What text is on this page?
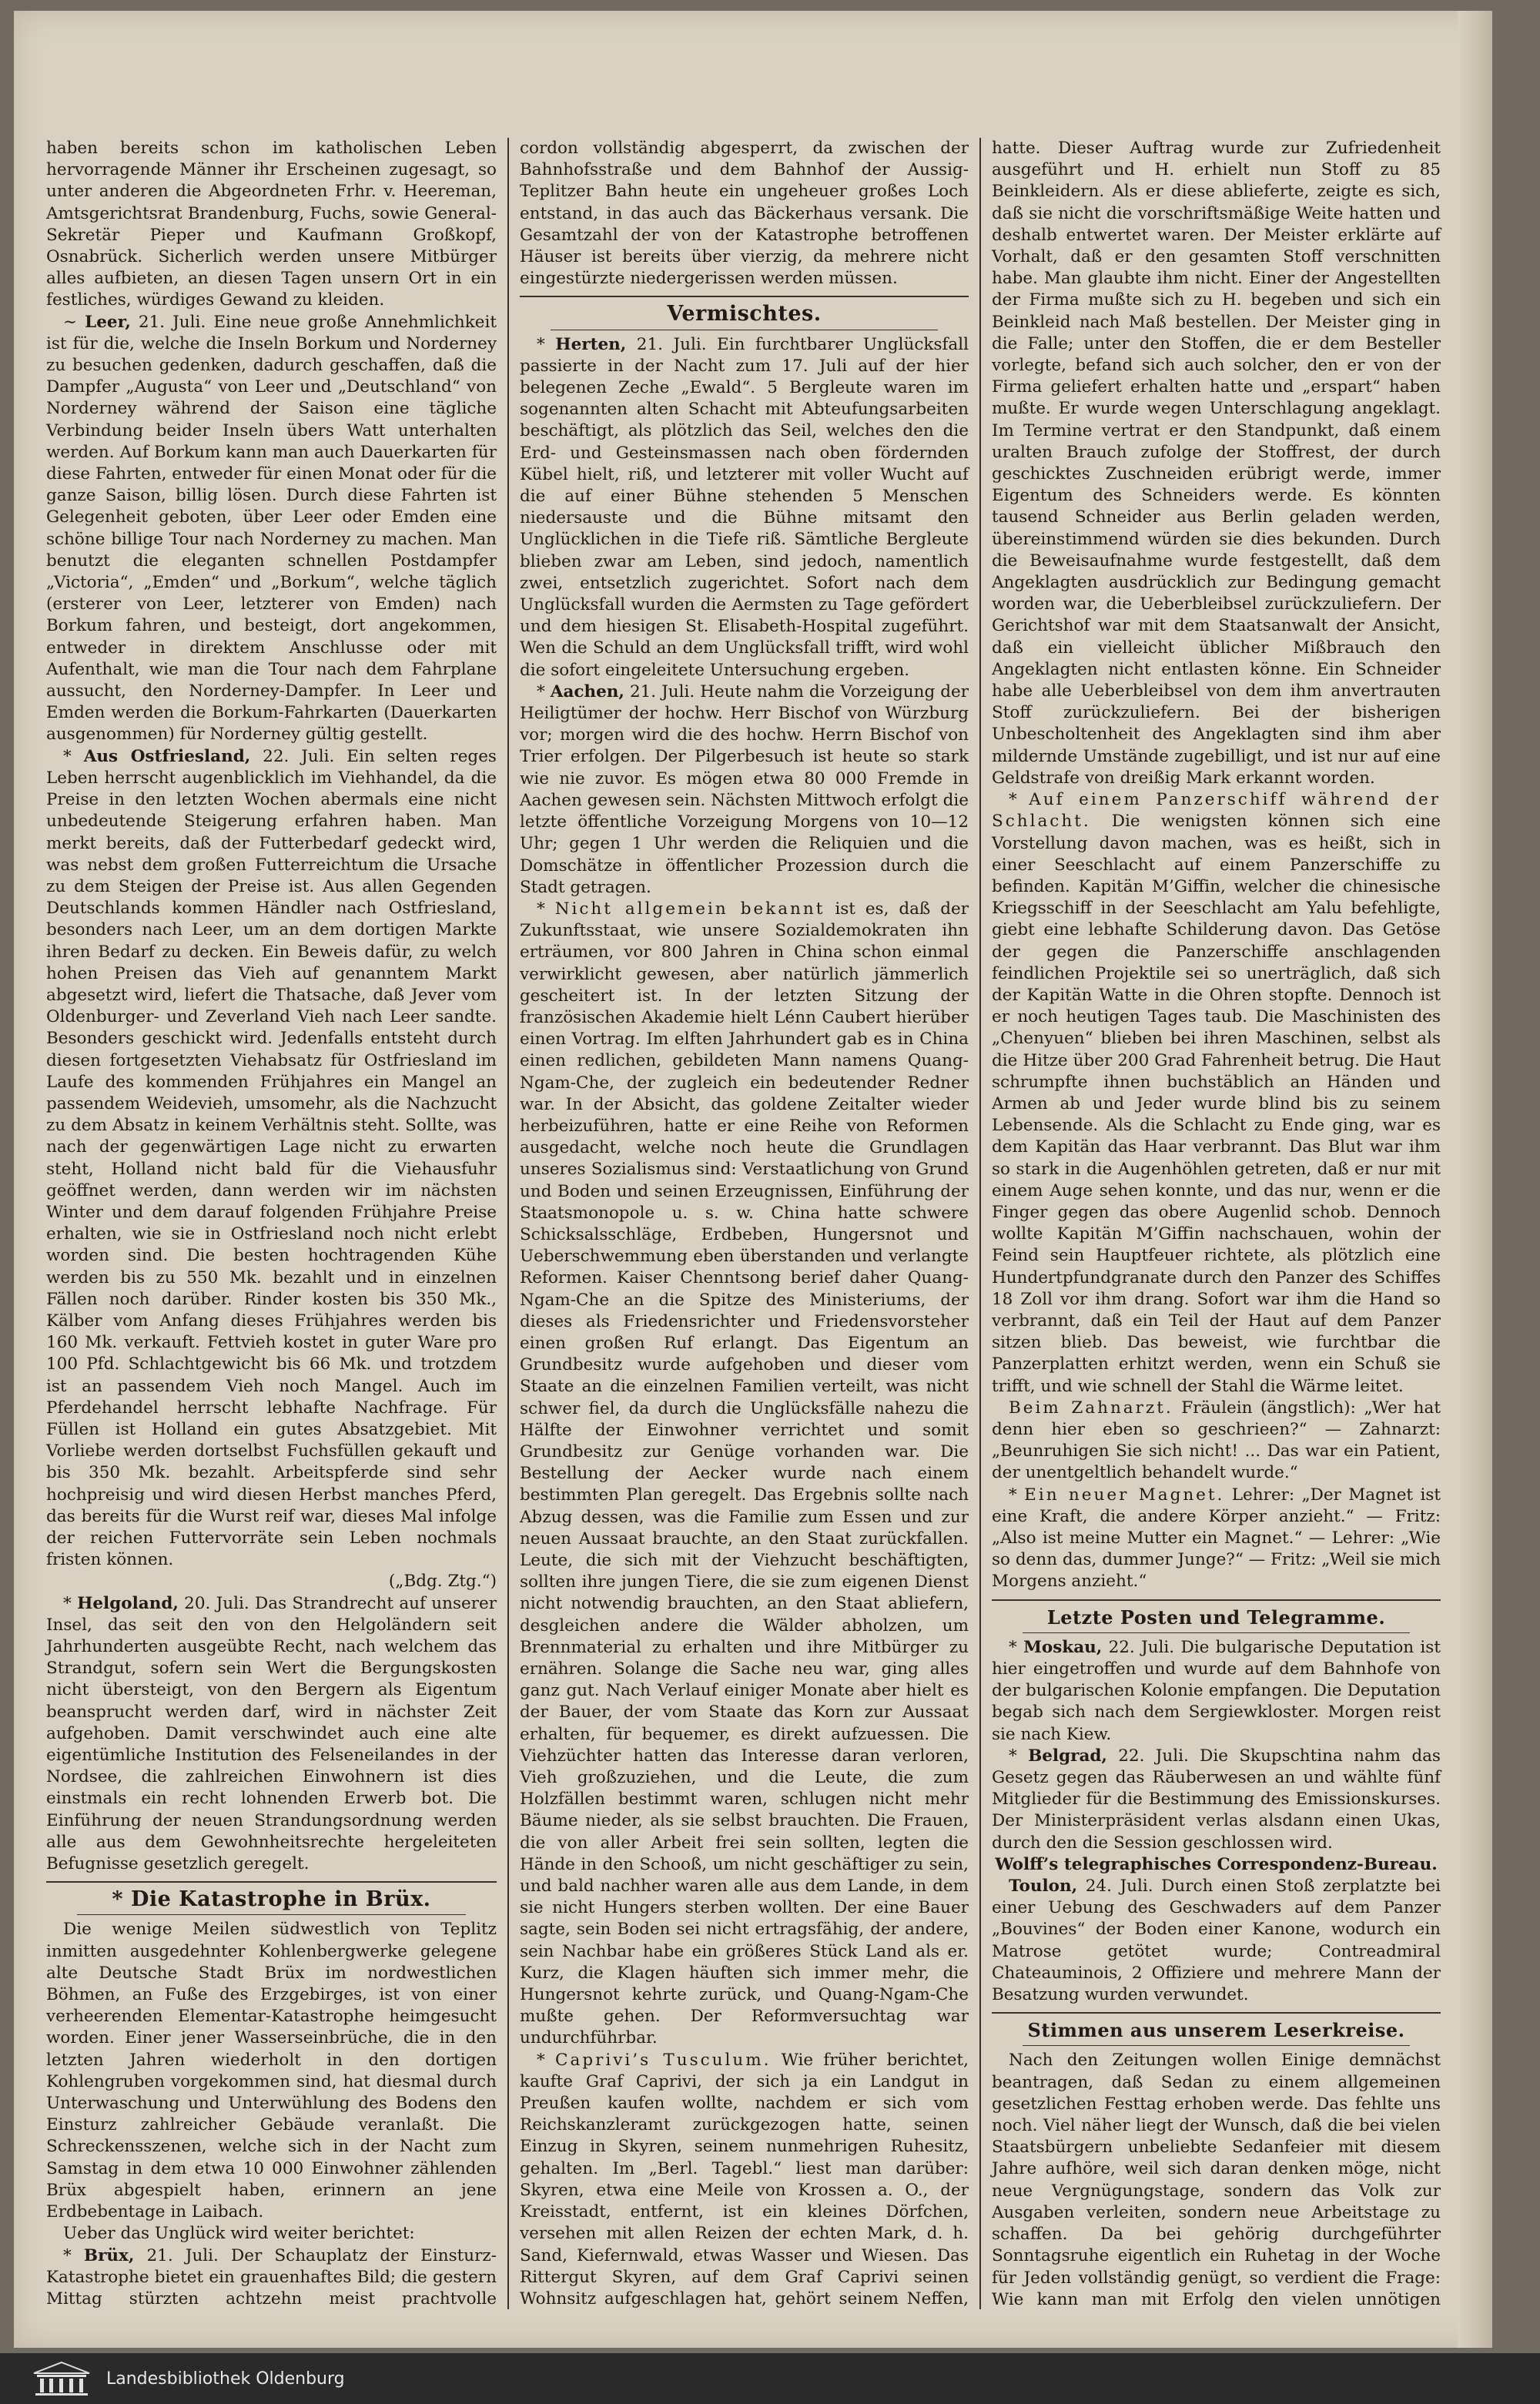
haben bereits schon im katholischen Leben hervorragende Männer ihr Erscheinen zugesagt, so unter anderen die Abgeordneten Frhr. v. Heereman, Amtsgerichtsrat Brandenburg, Fuchs, sowie General-Sekretär Pieper und Kaufmann Großkopf, Osnabrück. Sicherlich werden unsere Mitbürger alles aufbieten, an diesen Tagen unsern Ort in ein festliches, würdiges Gewand zu kleiden.

∼ Leer, 21. Juli. Eine neue große Annehmlichkeit ist für die, welche die Inseln Borkum und Norderney zu besuchen gedenken, dadurch geschaffen, daß die Dampfer „Augusta“ von Leer und „Deutschland“ von Norderney während der Saison eine tägliche Verbindung beider Inseln übers Watt unterhalten werden. Auf Borkum kann man auch Dauerkarten für diese Fahrten, entweder für einen Monat oder für die ganze Saison, billig lösen. Durch diese Fahrten ist Gelegenheit geboten, über Leer oder Emden eine schöne billige Tour nach Norderney zu machen. Man benutzt die eleganten schnellen Postdampfer „Victoria“, „Emden“ und „Borkum“, welche täglich (ersterer von Leer, letzterer von Emden) nach Borkum fahren, und besteigt, dort angekommen, entweder in direktem Anschlusse oder mit Aufenthalt, wie man die Tour nach dem Fahrplane aussucht, den Norderney-Dampfer. In Leer und Emden werden die Borkum-Fahrkarten (Dauerkarten ausgenommen) für Norderney gültig gestellt.

* Aus Ostfriesland, 22. Juli. Ein selten reges Leben herrscht augenblicklich im Viehhandel, da die Preise in den letzten Wochen abermals eine nicht unbedeutende Steigerung erfahren haben. Man merkt bereits, daß der Futterbedarf gedeckt wird, was nebst dem großen Futterreichtum die Ursache zu dem Steigen der Preise ist. Aus allen Gegenden Deutschlands kommen Händler nach Ostfriesland, besonders nach Leer, um an dem dortigen Markte ihren Bedarf zu decken. Ein Beweis dafür, zu welch hohen Preisen das Vieh auf genanntem Markt abgesetzt wird, liefert die Thatsache, daß Jever vom Oldenburger- und Zeverland Vieh nach Leer sandte. Besonders geschickt wird. Jedenfalls entsteht durch diesen fortgesetzten Viehabsatz für Ostfriesland im Laufe des kommenden Frühjahres ein Mangel an passendem Weidevieh, umsomehr, als die Nachzucht zu dem Absatz in keinem Verhältnis steht. Sollte, was nach der gegenwärtigen Lage nicht zu erwarten steht, Holland nicht bald für die Viehausfuhr geöffnet werden, dann werden wir im nächsten Winter und dem darauf folgenden Frühjahre Preise erhalten, wie sie in Ostfriesland noch nicht erlebt worden sind. Die besten hochtragenden Kühe werden bis zu 550 Mk. bezahlt und in einzelnen Fällen noch darüber. Rinder kosten bis 350 Mk., Kälber vom Anfang dieses Frühjahres werden bis 160 Mk. verkauft. Fettvieh kostet in guter Ware pro 100 Pfd. Schlachtgewicht bis 66 Mk. und trotzdem ist an passendem Vieh noch Mangel. Auch im Pferdehandel herrscht lebhafte Nachfrage. Für Füllen ist Holland ein gutes Absatzgebiet. Mit Vorliebe werden dortselbst Fuchsfüllen gekauft und bis 350 Mk. bezahlt. Arbeitspferde sind sehr hochpreisig und wird diesen Herbst manches Pferd, das bereits für die Wurst reif war, dieses Mal infolge der reichen Futtervorräte sein Leben nochmals fristen können.

(„Bdg. Ztg.“)

* Helgoland, 20. Juli. Das Strandrecht auf unserer Insel, das seit den von den Helgoländern seit Jahrhunderten ausgeübte Recht, nach welchem das Strandgut, sofern sein Wert die Bergungskosten nicht übersteigt, von den Bergern als Eigentum beansprucht werden darf, wird in nächster Zeit aufgehoben. Damit verschwindet auch eine alte eigentümliche Institution des Felseneilandes in der Nordsee, die zahlreichen Einwohnern ist dies einstmals ein recht lohnenden Erwerb bot. Die Einführung der neuen Strandungsordnung werden alle aus dem Gewohnheitsrechte hergeleiteten Befugnisse gesetzlich geregelt.

* Die Katastrophe in Brüx.

Die wenige Meilen südwestlich von Teplitz inmitten ausgedehnter Kohlenbergwerke gelegene alte Deutsche Stadt Brüx im nordwestlichen Böhmen, an Fuße des Erzgebirges, ist von einer verheerenden Elementar-Katastrophe heimgesucht worden. Einer jener Wasserseinbrüche, die in den letzten Jahren wiederholt in den dortigen Kohlengruben vorgekommen sind, hat diesmal durch Unterwaschung und Unterwühlung des Bodens den Einsturz zahlreicher Gebäude veranlaßt. Die Schreckensszenen, welche sich in der Nacht zum Samstag in dem etwa 10 000 Einwohner zählenden Brüx abgespielt haben, erinnern an jene Erdbebentage in Laibach.

Ueber das Unglück wird weiter berichtet:

* Brüx, 21. Juli. Der Schauplatz der Einsturz-Katastrophe bietet ein grauenhaftes Bild; die gestern Mittag stürzten achtzehn meist prachtvolle

cordon vollständig abgesperrt, da zwischen der Bahnhofsstraße und dem Bahnhof der Aussig-Teplitzer Bahn heute ein ungeheuer großes Loch entstand, in das auch das Bäckerhaus versank. Die Gesamtzahl der von der Katastrophe betroffenen Häuser ist bereits über vierzig, da mehrere nicht eingestürzte niedergerissen werden müssen.

Vermischtes.

* Herten, 21. Juli. Ein furchtbarer Unglücksfall passierte in der Nacht zum 17. Juli auf der hier belegenen Zeche „Ewald“. 5 Bergleute waren im sogenannten alten Schacht mit Abteufungsarbeiten beschäftigt, als plötzlich das Seil, welches den die Erd- und Gesteinsmassen nach oben fördernden Kübel hielt, riß, und letzterer mit voller Wucht auf die auf einer Bühne stehenden 5 Menschen niedersauste und die Bühne mitsamt den Unglücklichen in die Tiefe riß. Sämtliche Bergleute blieben zwar am Leben, sind jedoch, namentlich zwei, entsetzlich zugerichtet. Sofort nach dem Unglücksfall wurden die Aermsten zu Tage gefördert und dem hiesigen St. Elisabeth-Hospital zugeführt. Wen die Schuld an dem Unglücksfall trifft, wird wohl die sofort eingeleitete Untersuchung ergeben.

* Aachen, 21. Juli. Heute nahm die Vorzeigung der Heiligtümer der hochw. Herr Bischof von Würzburg vor; morgen wird die des hochw. Herrn Bischof von Trier erfolgen. Der Pilgerbesuch ist heute so stark wie nie zuvor. Es mögen etwa 80 000 Fremde in Aachen gewesen sein. Nächsten Mittwoch erfolgt die letzte öffentliche Vorzeigung Morgens von 10—12 Uhr; gegen 1 Uhr werden die Reliquien und die Domschätze in öffentlicher Prozession durch die Stadt getragen.

* Nicht allgemein bekannt ist es, daß der Zukunftsstaat, wie unsere Sozialdemokraten ihn erträumen, vor 800 Jahren in China schon einmal verwirklicht gewesen, aber natürlich jämmerlich gescheitert ist. In der letzten Sitzung der französischen Akademie hielt Lénn Caubert hierüber einen Vortrag. Im elften Jahrhundert gab es in China einen redlichen, gebildeten Mann namens Quang-Ngam-Che, der zugleich ein bedeutender Redner war. In der Absicht, das goldene Zeitalter wieder herbeizuführen, hatte er eine Reihe von Reformen ausgedacht, welche noch heute die Grundlagen unseres Sozialismus sind: Verstaatlichung von Grund und Boden und seinen Erzeugnissen, Einführung der Staatsmonopole u. s. w. China hatte schwere Schicksalsschläge, Erdbeben, Hungersnot und Ueberschwemmung eben überstanden und verlangte Reformen. Kaiser Chenntsong berief daher Quang-Ngam-Che an die Spitze des Ministeriums, der dieses als Friedensrichter und Friedensvorsteher einen großen Ruf erlangt. Das Eigentum an Grundbesitz wurde aufgehoben und dieser vom Staate an die einzelnen Familien verteilt, was nicht schwer fiel, da durch die Unglücksfälle nahezu die Hälfte der Einwohner verrichtet und somit Grundbesitz zur Genüge vorhanden war. Die Bestellung der Aecker wurde nach einem bestimmten Plan geregelt. Das Ergebnis sollte nach Abzug dessen, was die Familie zum Essen und zur neuen Aussaat brauchte, an den Staat zurückfallen. Leute, die sich mit der Viehzucht beschäftigten, sollten ihre jungen Tiere, die sie zum eigenen Dienst nicht notwendig brauchten, an den Staat abliefern, desgleichen andere die Wälder abholzen, um Brennmaterial zu erhalten und ihre Mitbürger zu ernähren. Solange die Sache neu war, ging alles ganz gut. Nach Verlauf einiger Monate aber hielt es der Bauer, der vom Staate das Korn zur Aussaat erhalten, für bequemer, es direkt aufzuessen. Die Viehzüchter hatten das Interesse daran verloren, Vieh großzuziehen, und die Leute, die zum Holzfällen bestimmt waren, schlugen nicht mehr Bäume nieder, als sie selbst brauchten. Die Frauen, die von aller Arbeit frei sein sollten, legten die Hände in den Schooß, um nicht geschäftiger zu sein, und bald nachher waren alle aus dem Lande, in dem sie nicht Hungers sterben wollten. Der eine Bauer sagte, sein Boden sei nicht ertragsfähig, der andere, sein Nachbar habe ein größeres Stück Land als er. Kurz, die Klagen häuften sich immer mehr, die Hungersnot kehrte zurück, und Quang-Ngam-Che mußte gehen. Der Reformversuchtag war undurchführbar.

* Caprivi’s Tusculum. Wie früher berichtet, kaufte Graf Caprivi, der sich ja ein Landgut in Preußen kaufen wollte, nachdem er sich vom Reichskanzleramt zurückgezogen hatte, seinen Einzug in Skyren, seinem nunmehrigen Ruhesitz, gehalten. Im „Berl. Tagebl.“ liest man darüber: Skyren, etwa eine Meile von Krossen a. O., der Kreisstadt, entfernt, ist ein kleines Dörfchen, versehen mit allen Reizen der echten Mark, d. h. Sand, Kiefernwald, etwas Wasser und Wiesen. Das Rittergut Skyren, auf dem Graf Caprivi seinen Wohnsitz aufgeschlagen hat, gehört seinem Neffen,

hatte. Dieser Auftrag wurde zur Zufriedenheit ausgeführt und H. erhielt nun Stoff zu 85 Beinkleidern. Als er diese ablieferte, zeigte es sich, daß sie nicht die vorschriftsmäßige Weite hatten und deshalb entwertet waren. Der Meister erklärte auf Vorhalt, daß er den gesamten Stoff verschnitten habe. Man glaubte ihm nicht. Einer der Angestellten der Firma mußte sich zu H. begeben und sich ein Beinkleid nach Maß bestellen. Der Meister ging in die Falle; unter den Stoffen, die er dem Besteller vorlegte, befand sich auch solcher, den er von der Firma geliefert erhalten hatte und „erspart“ haben mußte. Er wurde wegen Unterschlagung angeklagt. Im Termine vertrat er den Standpunkt, daß einem uralten Brauch zufolge der Stoffrest, der durch geschicktes Zuschneiden erübrigt werde, immer Eigentum des Schneiders werde. Es könnten tausend Schneider aus Berlin geladen werden, übereinstimmend würden sie dies bekunden. Durch die Beweisaufnahme wurde festgestellt, daß dem Angeklagten ausdrücklich zur Bedingung gemacht worden war, die Ueberbleibsel zurückzuliefern. Der Gerichtshof war mit dem Staatsanwalt der Ansicht, daß ein vielleicht üblicher Mißbrauch den Angeklagten nicht entlasten könne. Ein Schneider habe alle Ueberbleibsel von dem ihm anvertrauten Stoff zurückzuliefern. Bei der bisherigen Unbescholtenheit des Angeklagten sind ihm aber mildernde Umstände zugebilligt, und ist nur auf eine Geldstrafe von dreißig Mark erkannt worden.

* Auf einem Panzerschiff während der Schlacht. Die wenigsten können sich eine Vorstellung davon machen, was es heißt, sich in einer Seeschlacht auf einem Panzerschiffe zu befinden. Kapitän M’Giffin, welcher die chinesische Kriegsschiff in der Seeschlacht am Yalu befehligte, giebt eine lebhafte Schilderung davon. Das Getöse der gegen die Panzerschiffe anschlagenden feindlichen Projektile sei so unerträglich, daß sich der Kapitän Watte in die Ohren stopfte. Dennoch ist er noch heutigen Tages taub. Die Maschinisten des „Chenyuen“ blieben bei ihren Maschinen, selbst als die Hitze über 200 Grad Fahrenheit betrug. Die Haut schrumpfte ihnen buchstäblich an Händen und Armen ab und Jeder wurde blind bis zu seinem Lebensende. Als die Schlacht zu Ende ging, war es dem Kapitän das Haar verbrannt. Das Blut war ihm so stark in die Augenhöhlen getreten, daß er nur mit einem Auge sehen konnte, und das nur, wenn er die Finger gegen das obere Augenlid schob. Dennoch wollte Kapitän M’Giffin nachschauen, wohin der Feind sein Hauptfeuer richtete, als plötzlich eine Hundertpfundgranate durch den Panzer des Schiffes 18 Zoll vor ihm drang. Sofort war ihm die Hand so verbrannt, daß ein Teil der Haut auf dem Panzer sitzen blieb. Das beweist, wie furchtbar die Panzerplatten erhitzt werden, wenn ein Schuß sie trifft, und wie schnell der Stahl die Wärme leitet.

Beim Zahnarzt. Fräulein (ängstlich): „Wer hat denn hier eben so geschrieen?“ — Zahnarzt: „Beunruhigen Sie sich nicht! ... Das war ein Patient, der unentgeltlich behandelt wurde.“

* Ein neuer Magnet. Lehrer: „Der Magnet ist eine Kraft, die andere Körper anzieht.“ — Fritz: „Also ist meine Mutter ein Magnet.“ — Lehrer: „Wie so denn das, dummer Junge?“ — Fritz: „Weil sie mich Morgens anzieht.“

Letzte Posten und Telegramme.

* Moskau, 22. Juli. Die bulgarische Deputation ist hier eingetroffen und wurde auf dem Bahnhofe von der bulgarischen Kolonie empfangen. Die Deputation begab sich nach dem Sergiewkloster. Morgen reist sie nach Kiew.

* Belgrad, 22. Juli. Die Skupschtina nahm das Gesetz gegen das Räuberwesen an und wählte fünf Mitglieder für die Bestimmung des Emissionskurses. Der Ministerpräsident verlas alsdann einen Ukas, durch den die Session geschlossen wird.

Wolff’s telegraphisches Correspondenz-Bureau.

Toulon, 24. Juli. Durch einen Stoß zerplatzte bei einer Uebung des Geschwaders auf dem Panzer „Bouvines“ der Boden einer Kanone, wodurch ein Matrose getötet wurde; Contreadmiral Chateauminois, 2 Offiziere und mehrere Mann der Besatzung wurden verwundet.

Stimmen aus unserem Leserkreise.

Nach den Zeitungen wollen Einige demnächst beantragen, daß Sedan zu einem allgemeinen gesetzlichen Festtag erhoben werde. Das fehlte uns noch. Viel näher liegt der Wunsch, daß die bei vielen Staatsbürgern unbeliebte Sedanfeier mit diesem Jahre aufhöre, weil sich daran denken möge, nicht neue Vergnügungstage, sondern das Volk zur Ausgaben verleiten, sondern neue Arbeitstage zu schaffen. Da bei gehörig durchgeführter Sonntagsruhe eigentlich ein Ruhetag in der Woche für Jeden vollständig genügt, so verdient die Frage: Wie kann man mit Erfolg den vielen unnötigen

Landesbibliothek Oldenburg
